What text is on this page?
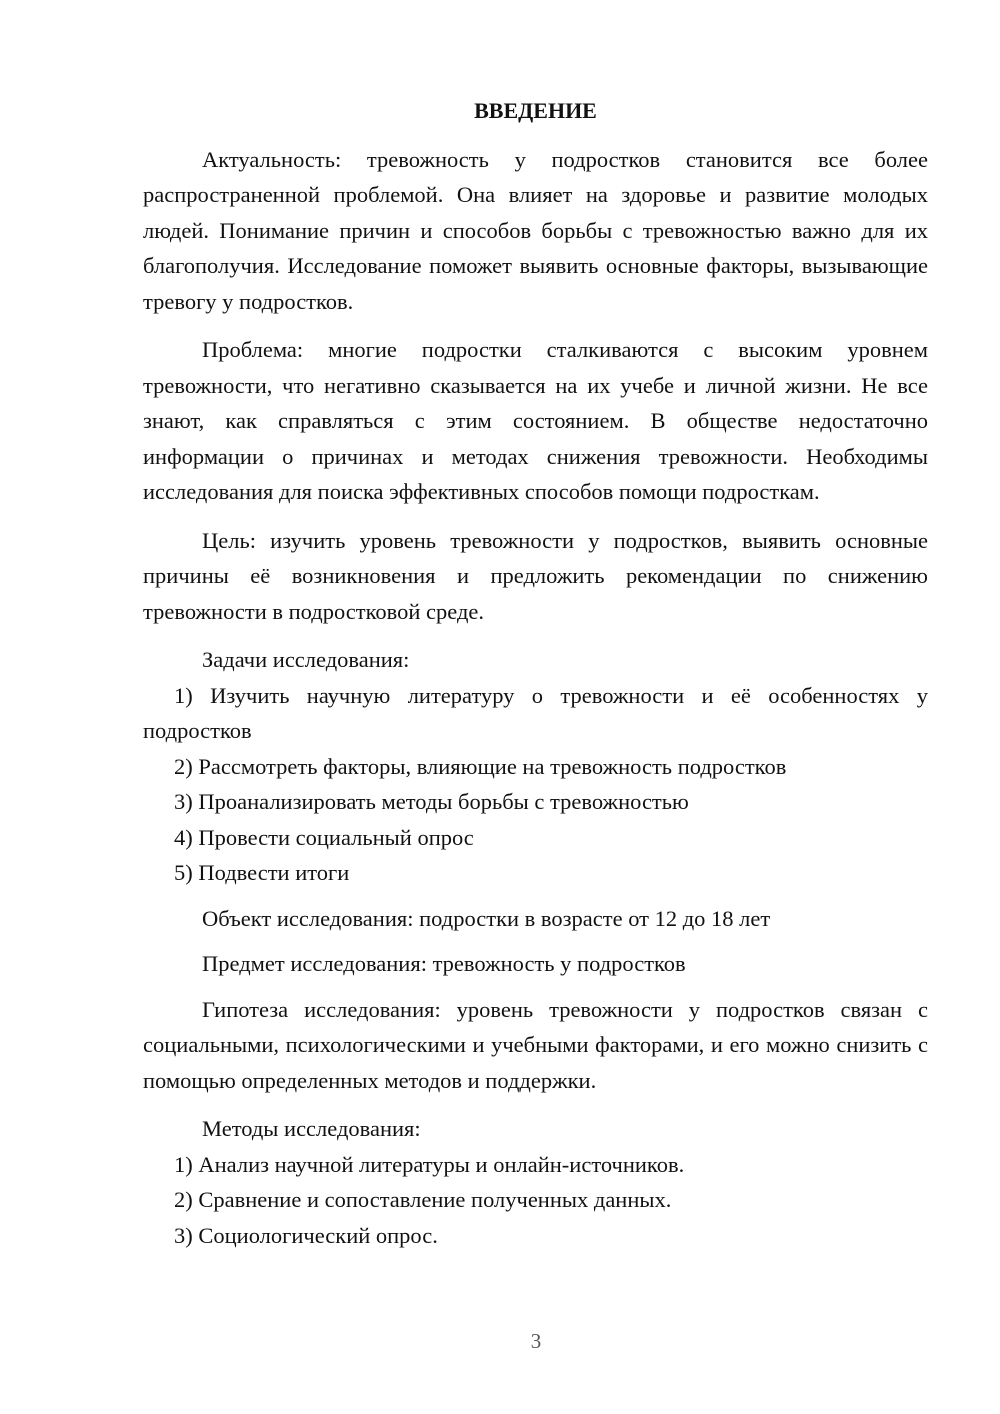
ВВЕДЕНИЕ

Актуальность: тревожность у подростков становится все более распространенной проблемой. Она влияет на здоровье и развитие молодых людей. Понимание причин и способов борьбы с тревожностью важно для их благополучия. Исследование поможет выявить основные факторы, вызывающие тревогу у подростков.

Проблема: многие подростки сталкиваются с высоким уровнем тревожности, что негативно сказывается на их учебе и личной жизни. Не все знают, как справляться с этим состоянием. В обществе недостаточно информации о причинах и методах снижения тревожности. Необходимы исследования для поиска эффективных способов помощи подросткам.

Цель: изучить уровень тревожности у подростков, выявить основные причины её возникновения и предложить рекомендации по снижению тревожности в подростковой среде.

Задачи исследования:

1) Изучить научную литературу о тревожности и её особенностях у подростков

2) Рассмотреть факторы, влияющие на тревожность подростков

3) Проанализировать методы борьбы с тревожностью

4) Провести социальный опрос

5) Подвести итоги

Объект исследования: подростки в возрасте от 12 до 18 лет

Предмет исследования: тревожность у подростков

Гипотеза исследования: уровень тревожности у подростков связан с социальными, психологическими и учебными факторами, и его можно снизить с помощью определенных методов и поддержки.

Методы исследования:

1) Анализ научной литературы и онлайн-источников.

2) Сравнение и сопоставление полученных данных.

3) Социологический опрос.

3
